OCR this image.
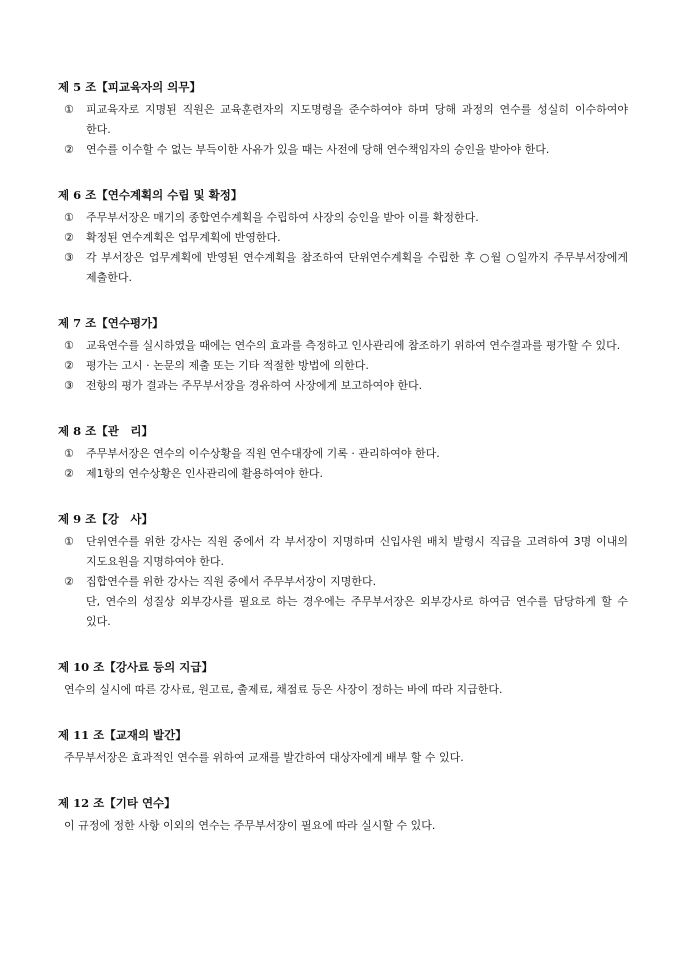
제 5 조【피교육자의 의무】
①	피교육자로 지명된 직원은 교육훈련자의 지도명령을 준수하여야 하며 당해 과정의 연수를 성실히 이수하여야 한다.
②	연수를 이수할 수 없는 부득이한 사유가 있을 때는 사전에 당해 연수책임자의 승인을 받아야 한다.
제 6 조【연수계획의 수립 및 확정】
①	주무부서장은 매기의 종합연수계획을 수립하여 사장의 승인을 받아 이를 확정한다.
②	확정된 연수계획은 업무계획에 반영한다.
③	각 부서장은 업무계획에 반영된 연수계획을 참조하여 단위연수계획을 수립한 후 ○월 ○일까지 주무부서장에게 제출한다.
제 7 조【연수평가】
①	교육연수를 실시하였을 때에는 연수의 효과를 측정하고 인사관리에 참조하기 위하여 연수결과를 평가할 수 있다.
②	평가는 고시 · 논문의 제출 또는 기타 적절한 방법에 의한다.
③	전항의 평가 결과는 주무부서장을 경유하여 사장에게 보고하여야 한다.
제 8 조【관　리】
①	주무부서장은 연수의 이수상황을 직원 연수대장에 기록 · 관리하여야 한다.
②	제1항의 연수상황은 인사관리에 활용하여야 한다.
제 9 조【강　사】
①	단위연수를 위한 강사는 직원 중에서 각 부서장이 지명하며 신입사원 배치 발령시 직급을 고려하여 3명 이내의 지도요원을 지명하여야 한다.
②	집합연수를 위한 강사는 직원 중에서 주무부서장이 지명한다.
단, 연수의 성질상 외부강사를 필요로 하는 경우에는 주무부서장은 외부강사로 하여금 연수를 담당하게 할 수 있다.
제 10 조【강사료 등의 지급】
연수의 실시에 따른 강사료, 원고료, 출제료, 채점료 등은 사장이 정하는 바에 따라 지급한다.
제 11 조【교재의 발간】
주무부서장은 효과적인 연수를 위하여 교재를 발간하여 대상자에게 배부 할 수 있다.
제 12 조【기타 연수】
이 규정에 정한 사항 이외의 연수는 주무부서장이 필요에 따라 실시할 수 있다.
